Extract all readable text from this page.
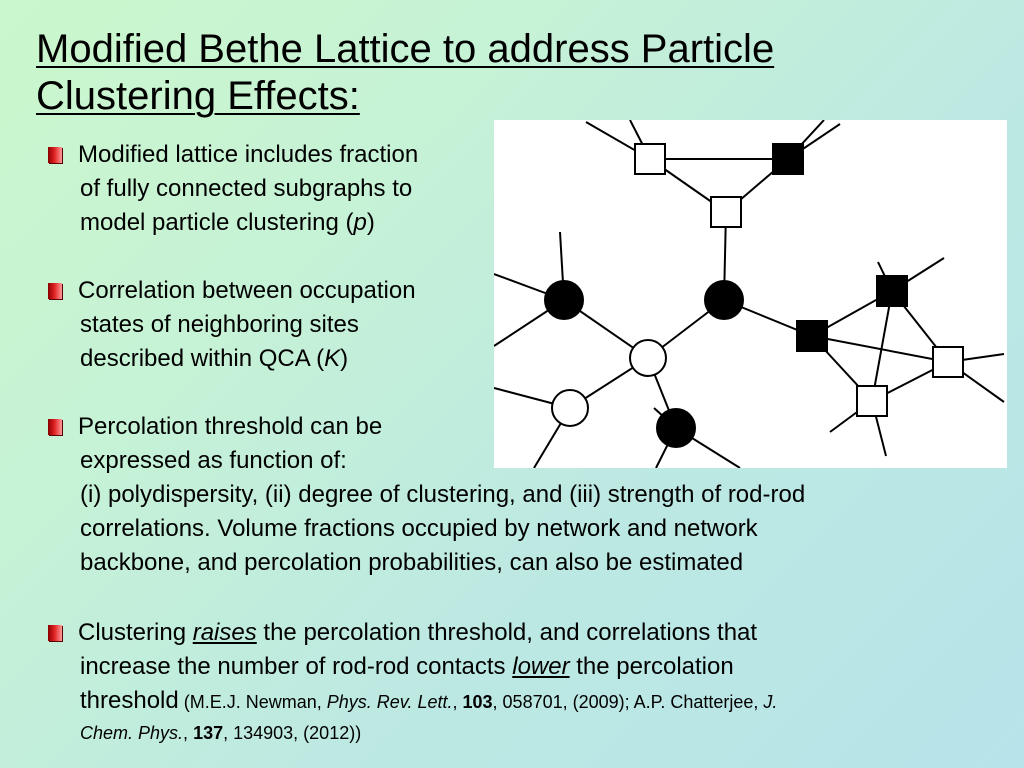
Modified Bethe Lattice to address Particle
Clustering Effects:
Modified lattice includes fraction
of fully connected subgraphs to
model particle clustering (p)
Correlation between occupation
states of neighboring sites
described within QCA (K)
Percolation threshold can be
expressed as function of:
(i) polydispersity, (ii) degree of clustering, and (iii) strength of rod-rod
correlations. Volume fractions occupied by network and network
backbone, and percolation probabilities, can also be estimated
Clustering raises the percolation threshold, and correlations that
increase the number of rod-rod contacts lower the percolation
threshold (M.E.J. Newman, Phys. Rev. Lett., 103, 058701, (2009); A.P. Chatterjee, J.
Chem. Phys., 137, 134903, (2012))
